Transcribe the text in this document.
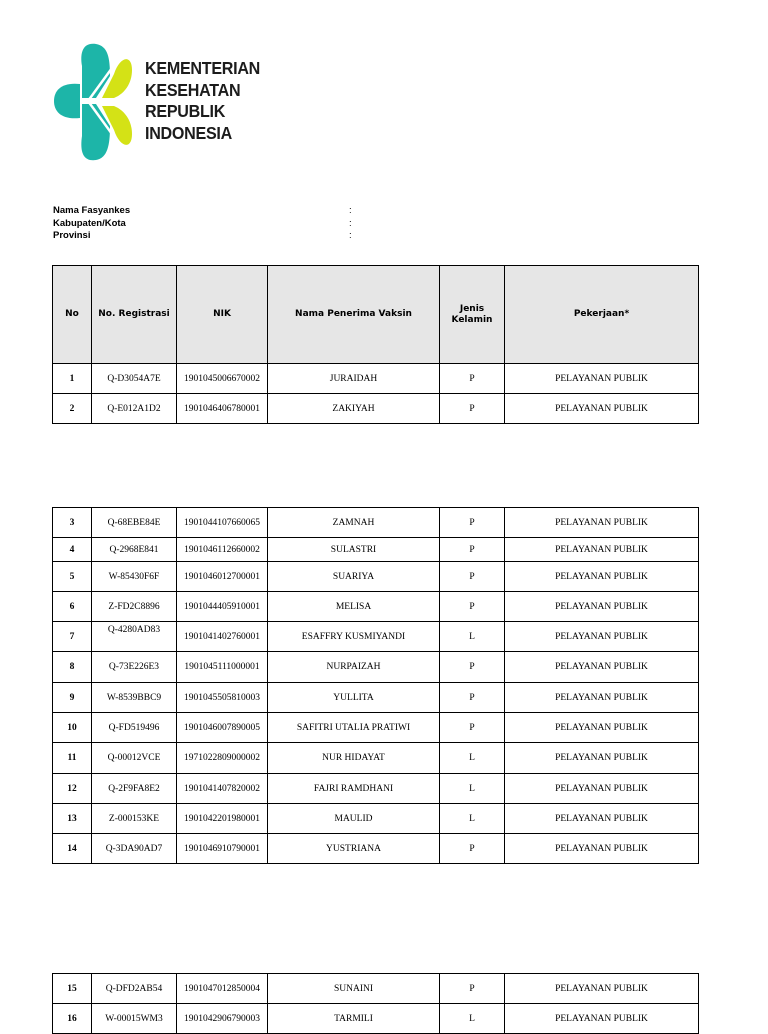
KEMENTERIAN
KESEHATAN
REPUBLIK
INDONESIA
Nama Fasyankes	:
Kabupaten/Kota	:
Provinsi	:
No	No. Registrasi	NIK	Nama Penerima Vaksin	Jenis Kelamin	Pekerjaan*
1	Q-D3054A7E	1901045006670002	JURAIDAH	P	PELAYANAN PUBLIK
2	Q-E012A1D2	1901046406780001	ZAKIYAH	P	PELAYANAN PUBLIK
3	Q-68EBE84E	1901044107660065	ZAMNAH	P	PELAYANAN PUBLIK
4	Q-2968E841	1901046112660002	SULASTRI	P	PELAYANAN PUBLIK
5	W-85430F6F	1901046012700001	SUARIYA	P	PELAYANAN PUBLIK
6	Z-FD2C8896	1901044405910001	MELISA	P	PELAYANAN PUBLIK
7	Q-4280AD83	1901041402760001	ESAFFRY KUSMIYANDI	L	PELAYANAN PUBLIK
8	Q-73E226E3	1901045111000001	NURPAIZAH	P	PELAYANAN PUBLIK
9	W-8539BBC9	1901045505810003	YULLITA	P	PELAYANAN PUBLIK
10	Q-FD519496	1901046007890005	SAFITRI UTALIA PRATIWI	P	PELAYANAN PUBLIK
11	Q-00012VCE	1971022809000002	NUR HIDAYAT	L	PELAYANAN PUBLIK
12	Q-2F9FA8E2	1901041407820002	FAJRI RAMDHANI	L	PELAYANAN PUBLIK
13	Z-000153KE	1901042201980001	MAULID	L	PELAYANAN PUBLIK
14	Q-3DA90AD7	1901046910790001	YUSTRIANA	P	PELAYANAN PUBLIK
15	Q-DFD2AB54	1901047012850004	SUNAINI	P	PELAYANAN PUBLIK
16	W-00015WM3	1901042906790003	TARMILI	L	PELAYANAN PUBLIK
